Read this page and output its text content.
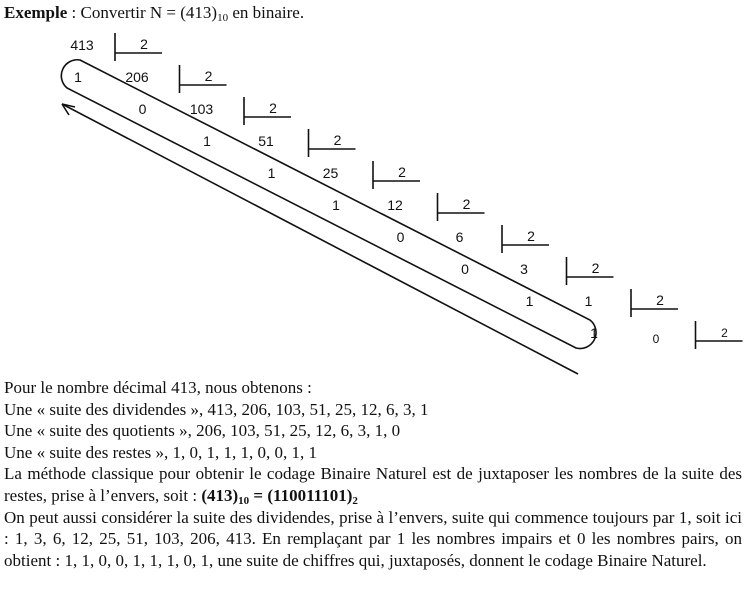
Exemple : Convertir $N = (413)_{10}$ en binaire.
2
2
2
2
2
2
2
2
2
2
413
206
103
51
25
12
6
3
1
1
0
1
1
1
0
0
1
1	0

Pour le nombre décimal 413, nous obtenons :

Une « suite des dividendes », 413, 206, 103, 51, 25, 12, 6, 3, 1

Une « suite des quotients », 206, 103, 51, 25, 12, 6, 3, 1, 0

Une « suite des restes », 1, 0, 1, 1, 1, 0, 0, 1, 1

La méthode classique pour obtenir le codage Binaire Naturel est de juxtaposer les nombres de la suite des restes, prise à l’envers, soit : $(413)_{10} = (110011101)_2$

On peut aussi considérer la suite des dividendes, prise à l’envers, suite qui commence toujours par 1, soit ici : 1, 3, 6, 12, 25, 51, 103, 206, 413. En remplaçant par 1 les nombres impairs et 0 les nombres pairs, on obtient : 1, 1, 0, 0, 1, 1, 1, 0, 1, une suite de chiffres qui, juxtaposés, donnent le codage Binaire Naturel.
